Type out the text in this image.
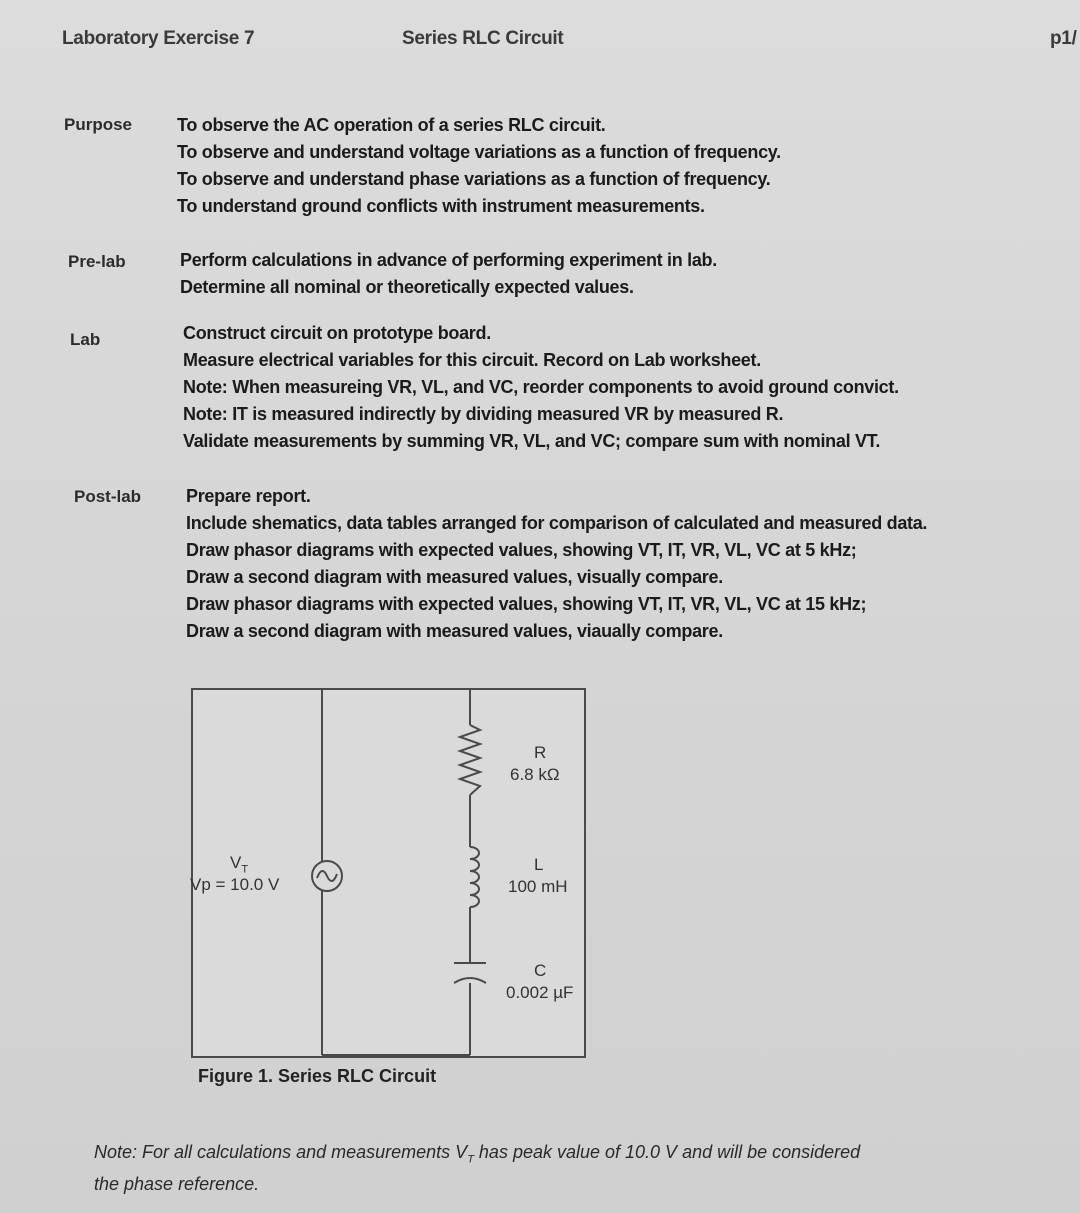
Laboratory Exercise 7	Series RLC Circuit	p1/
Purpose To observe the AC operation of a series RLC circuit.
To observe and understand voltage variations as a function of frequency.
To observe and understand phase variations as a function of frequency.
To understand ground conflicts with instrument measurements.
Pre-lab	Perform calculations in advance of performing experiment in lab.
Determine all nominal or theoretically expected values.
Lab	Construct circuit on prototype board.
Measure electrical variables for this circuit. Record on Lab worksheet.
Note: When measureing VR, VL, and VC, reorder components to avoid ground convict.
Note: IT is measured indirectly by dividing measured VR by measured R.
Validate measurements by summing VR, VL, and VC; compare sum with nominal VT.
Post-lab Prepare report.
Include shematics, data tables arranged for comparison of calculated and measured data.
Draw phasor diagrams with expected values, showing VT, IT, VR, VL, VC at 5 kHz;
Draw a second diagram with measured values, visually compare.
Draw phasor diagrams with expected values, showing VT, IT, VR, VL, VC at 15 kHz;
Draw a second diagram with measured values, viaually compare.
$V_T$
Vp = 10.0 V
R
6.8 kΩ
L
100 mH
C
0.002 µF
Figure 1. Series RLC Circuit
Note: For all calculations and measurements $V_T$ has peak value of 10.0 V and will be considered
the phase reference.
